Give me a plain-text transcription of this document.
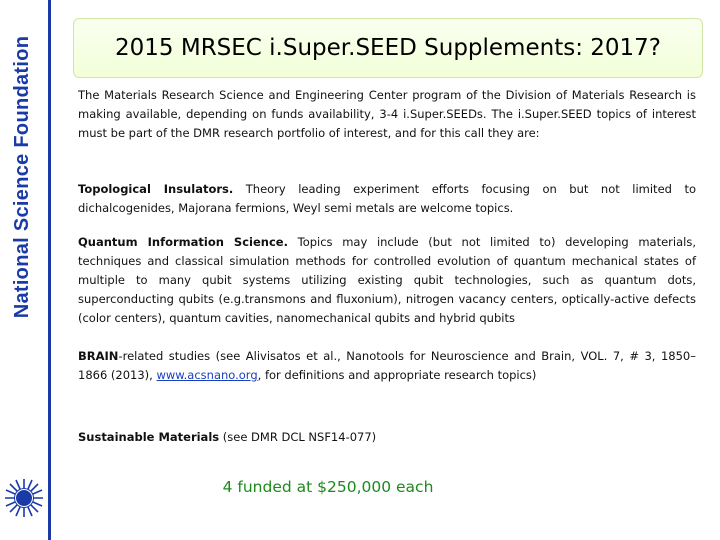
National Science Foundation	2015 MRSEC i.Super.SEED Supplements: 2017?

The Materials Research Science and Engineering Center program of the Division of Materials Research is making available, depending on funds availability, 3-4 i.Super.SEEDs. The i.Super.SEED topics of interest must be part of the DMR research portfolio of interest, and for this call they are:

Topological Insulators. Theory leading experiment efforts focusing on but not limited to dichalcogenides, Majorana fermions, Weyl semi metals are welcome topics.

Quantum Information Science. Topics may include (but not limited to) developing materials, techniques and classical simulation methods for controlled evolution of quantum mechanical states of multiple to many qubit systems utilizing existing qubit technologies, such as quantum dots, superconducting qubits (e.g.transmons and fluxonium), nitrogen vacancy centers, optically-active defects (color centers), quantum cavities, nanomechanical qubits and hybrid qubits

BRAIN-related studies (see Alivisatos et al., Nanotools for Neuroscience and Brain, VOL. 7, # 3, 1850–1866 (2013), www.acsnano.org, for definitions and appropriate research topics)

Sustainable Materials (see DMR DCL NSF14-077)

4 funded at $250,000 each
